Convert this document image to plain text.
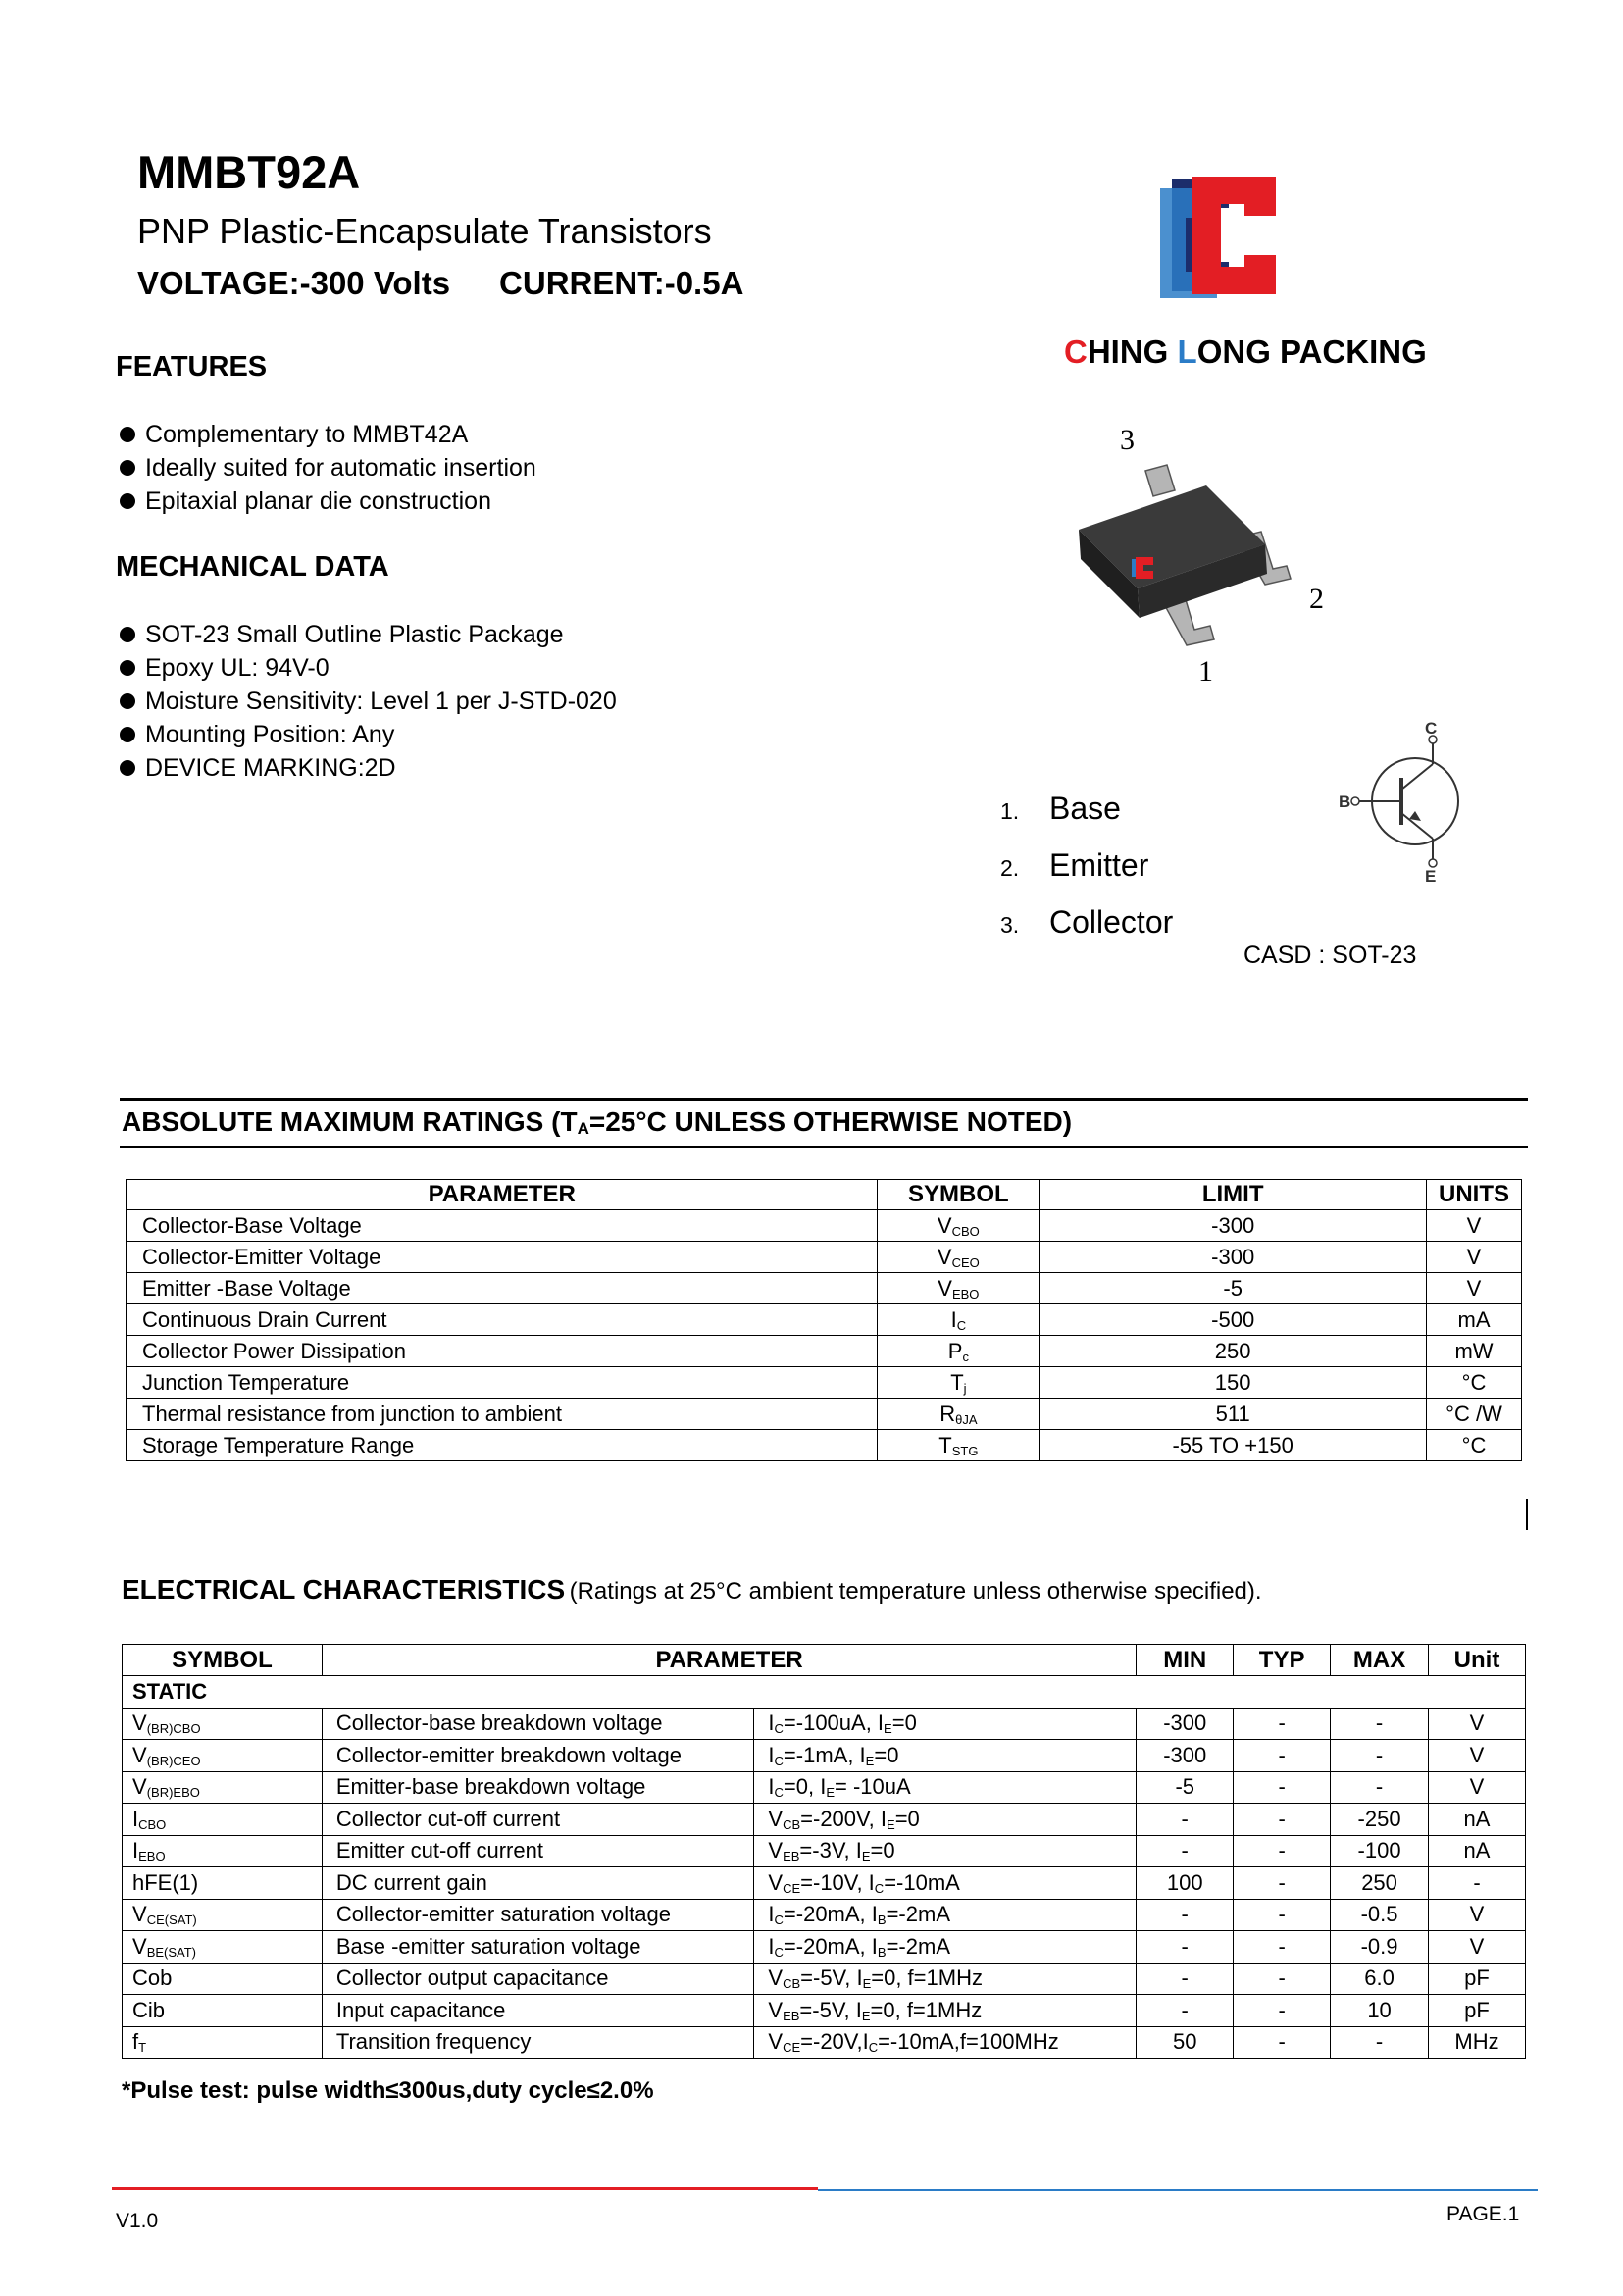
MMBT92A
PNP Plastic-Encapsulate Transistors
VOLTAGE:-300 Volts CURRENT:-0.5A
CHING LONG PACKING
FEATURES
Complementary to MMBT42A
Ideally suited for automatic insertion
Epitaxial planar die construction
MECHANICAL DATA
SOT-23 Small Outline Plastic Package
Epoxy UL: 94V-0
Moisture Sensitivity: Level 1 per J-STD-020
Mounting Position: Any
DEVICE MARKING:2D
3
2
1
C
B
E
1. Base
2. Emitter
3. Collector
CASD : SOT-23
ABSOLUTE MAXIMUM RATINGS ($T_A=25^\circ C$ UNLESS OTHERWISE NOTED)
PARAMETER	SYMBOL	LIMIT	UNITS
Collector-Base Voltage	$V_{CBO}$	-300	V
Collector-Emitter Voltage	$V_{CEO}$	-300	V
Emitter -Base Voltage	$V_{EBO}$	-5	V
Continuous Drain Current	$I_C$	-500	mA
Collector Power Dissipation	$P_c$	250	mW
Junction Temperature	$T_j$	150	°C
Thermal resistance from junction to ambient	$R_{\theta JA}$	511	°C /W
Storage Temperature Range	$T_{STG}$	-55 TO +150	°C
ELECTRICAL CHARACTERISTICS (Ratings at 25°C ambient temperature unless otherwise specified).
SYMBOL	PARAMETER		MIN	TYP	MAX	Unit
STATIC						
$V_{(BR)CBO}$	Collector-base breakdown voltage	$I_C=-100uA$, $I_E=0$	-300	-	-	V
$V_{(BR)CEO}$	Collector-emitter breakdown voltage	$I_C=-1mA$, $I_E=0$	-300	-	-	V
$V_{(BR)EBO}$	Emitter-base breakdown voltage	$I_C=0$, $I_E= -10uA$	-5	-	-	V
$I_{CBO}$	Collector cut-off current	$V_{CB}=-200V$, $I_E=0$	-	-	-250	nA
$I_{EBO}$	Emitter cut-off current	$V_{EB}=-3V$, $I_E=0$	-	-	-100	nA
hFE(1)	DC current gain	$V_{CE}=-10V$, $I_C=-10mA$	100	-	250	-
$V_{CE(SAT)}$	Collector-emitter saturation voltage	$I_C=-20mA$, $I_B=-2mA$	-	-	-0.5	V
$V_{BE(SAT)}$	Base -emitter saturation voltage	$I_C=-20mA$, $I_B=-2mA$	-	-	-0.9	V
Cob	Collector output capacitance	$V_{CB}=-5V$, $I_E=0$, f=1MHz	-	-	6.0	pF
Cib	Input capacitance	$V_{EB}=-5V$, $I_E=0$, f=1MHz	-	-	10	pF
$f_T$	Transition frequency	$V_{CE}=-20V,I_C=-10mA,f=100MHz$	50	-	-	MHz
*Pulse test: pulse width≤300us,duty cycle≤2.0%
V1.0	PAGE.1
